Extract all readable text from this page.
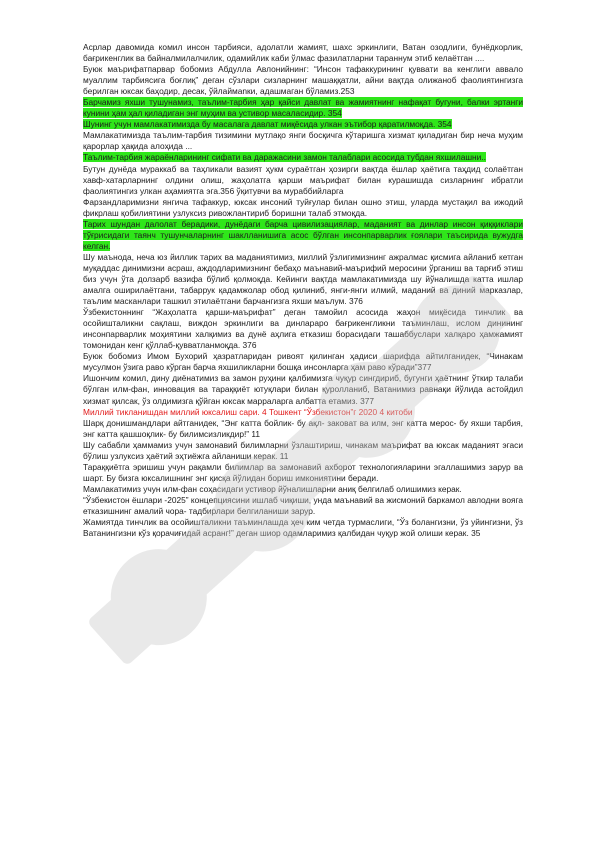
Асрлар давомида комил инсон тарбияси, адолатли жамият, шахс эркинлиги, Ватан озодлиги, бунёдкорлик, бағрикенглик ва байналмилалчилик, одамийлик каби ўлмас фазилатларни тараннум этиб келаётган ....

Буюк маърифатпарвар бобомиз Абдулла Авлонийнинг: “Инсон тафаккурининг қуввати ва кенглиги аввало муаллим тарбиясига боғлиқ” деган сўзлари сизларнинг машаққатли, айни вақтда олижаноб фаолиятингизга берилган юксак баҳодир, десак, ўйлаймanки, адашмаган бўламиз.253

Барчамиз яхши тушунамиз, таълим-тарбия ҳар қайси давлат ва жамиятнинг нафақат бугуни, балки эртанги кунини ҳам ҳал қиладиган энг муҳим ва устивор масаласидир. 354

Шунинг учун мамлакатимизда бу масалага давлат миқёсида улкан эътибор қаратилмоқда. 354

Мамлакатимизда таълим-тарбия тизимини мутлақо янги босқичга кўтаришга хизмат қиладиган бир неча муҳим қарорлар ҳақида алоҳида ...

Таълим-тарбия жараёнларининг сифати ва даражасини замон талаблари асосида тубдан яхшилашни..

Бутун дунёда мураккаб ва таҳликали вазият ҳукм сураётган ҳозирги вақтда ёшлар ҳаётига таҳдид солаётган хавф-хатарларнинг олдини олиш, жаҳолатга қарши маърифат билан курашишда сизларнинг ибратли фаолиятингиз улкан аҳамиятга эга.356 ўқитувчи ва мураббийларга

Фарзандларимизни янгича тафаккур, юксак инсоний туйғулар билан ошно этиш, уларда мустақил ва ижодий фикрлаш қобилиятини узлуксиз ривожлантириб боришни талаб этмоқда.

Тарих шундан далолат берадики, дунёдаги барча цивилизациялар, маданият ва динлар инсон қиққиклари тўғрисидаги таянч тушунчаларнинг шаклланишига асос бўлган инсонпарварлик ғоялари таъсирида вужудга келган.

Шу маънода, неча юз йиллик тарих ва маданиятимиз, миллий ўзлигимизнинг ажралмас қисмига айланиб кетган муқаддас динимизни асраш, аждодларимизнинг бебаҳо маънавий-маърифий меросини ўрганиш ва тарғиб этиш биз учун ўта долзарб вазифа бўлиб қолмоқда. Кейинги вақтда мамлакатимизда шу йўналишда катта ишлар амалга оширилаётгани, табаррук қадамжолар обод қилиниб, янги-янги илмий, маданий ва диний марказлар, таълим масканлари ташкил этилаётгани барчангизга яхши маълум. 376

Ўзбекистоннинг “Жаҳолатга қарши-маърифат” деган тамойил асосида жаҳон миқёсида тинчлик ва осойишталикни сақлаш, виждон эркинлиги ва динларaро бағрикенгликни таъминлаш, ислом динининг инсонпарварлик моҳиятини халқимиз ва дунё аҳлига етказиш борасидаги ташаббуслари халқаро ҳамжамият томонидан кенг қўллаб-қувватланмоқда. 376

Буюк бобомиз Имом Бухорий ҳазратларидан ривоят қилинган ҳадиси шарифда айтилганидек, “Чинакам мусулмон ўзига раво кўрган барча яхшиликларни бошқа инсонларга ҳам раво кўради”377

Ишончим комил, дину диёнатимиз ва замон руҳини қалбимизга чуқур сингдириб, бугунги ҳаётнинг ўткир талаби бўлган илм-фан, инновация ва тараққиёт ютуқлари билан қуролланиб, Ватанимиз равнақи йўлида астойдил хизмат қилсак, ўз олдимизга қўйган юксак марраларга албатта етамиз. 377

Миллий тикланишдан миллий юксалиш сари. 4 Тошкент “Ўзбекистон”г 2020 4 китоби

Шарқ донишмандлари айтганидек, “Энг катта бойлик- бу ақл- заковат ва илм, энг катта мерос- бу яхши тарбия, энг катта қашшоқлик- бу билимсизликдир!” 11

Шу сабабли ҳаммамиз учун замонавий билимларни ўзлаштириш, чинакам маърифат ва юксак маданият эгаси бўлиш узлуксиз ҳаётий эҳтиёжга айланиши керак. 11

Тараққиётга эришиш учун рақамли билимлар ва замонавий ахборот технологияларини эгаллашимиз зарур ва шарт. Бу бизга юксалишнинг энг қисқа йўлидан бориш имкониятини беради.

Мамлакатимиз учун илм-фан соҳасидаги устивор йўналишларни аниқ белгилаб олишимиз керак.

“Ўзбекистон ёшлари -2025” концепциясини ишлаб чиқиши, унда маънавий ва жисмоний баркамол авлодни вояга етказишнинг амалий чора- тадбирлари белгиланиши зарур.

Жамиятда тинчлик ва осойишталикни таъминлашда ҳеч ким четда турмаслиги, “Ўз болангизни, ўз уйингизни, ўз Ватанингизни кўз қорачиғидай асранг!” деган шиор одамларимиз қалбидан чуқур жой олиши керак. 35
